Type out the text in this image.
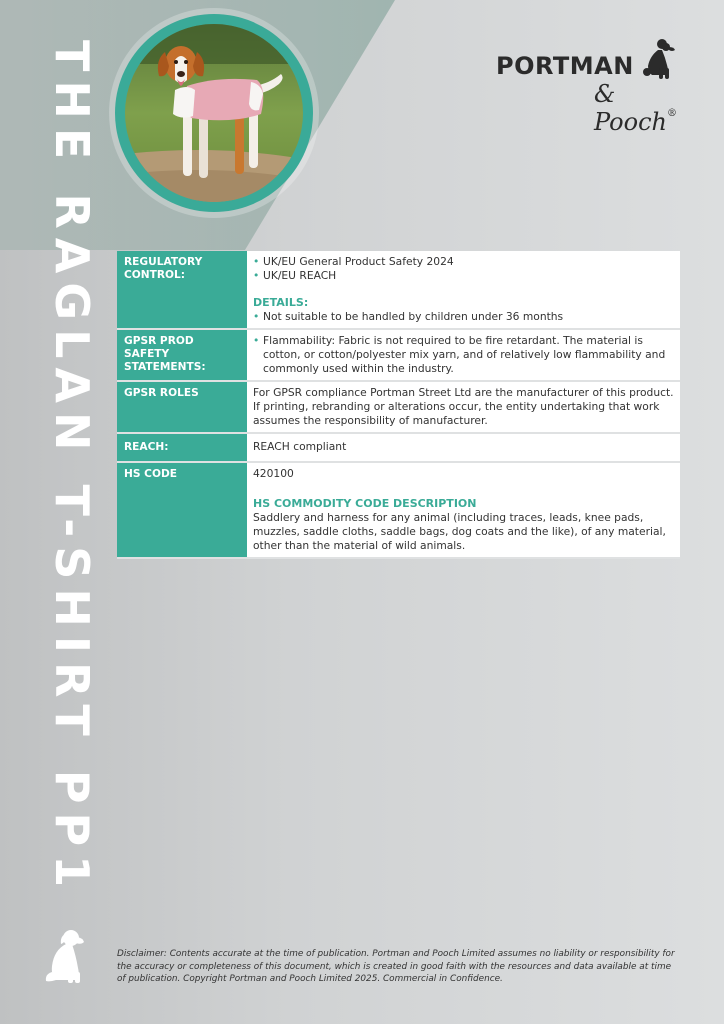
THE RAGLAN T-SHIRT PP1	PORTMAN
& Pooch®
REGULATORY CONTROL:	• UK/EU General Product Safety 2024
• UK/EU REACH
DETAILS:
• Not suitable to be handled by children under 36 months

GPSR PROD SAFETY STATEMENTS:	• Flammability: Fabric is not required to be fire retardant. The material is cotton, or cotton/polyester mix yarn, and of relatively low flammability and commonly used within the industry.

GPSR ROLES	For GPSR compliance Portman Street Ltd are the manufacturer of this product. If printing, rebranding or alterations occur, the entity undertaking that work assumes the responsibility of manufacturer.
REACH:	REACH compliant
HS CODE	420100
HS COMMODITY CODE DESCRIPTION
Saddlery and harness for any animal (including traces, leads, knee pads, muzzles, saddle cloths, saddle bags, dog coats and the like), of any material, other than the material of wild animals.
Disclaimer: Contents accurate at the time of publication. Portman and Pooch Limited assumes no liability or responsibility for the accuracy or completeness of this document, which is created in good faith with the resources and data available at time of publication. Copyright Portman and Pooch Limited 2025. Commercial in Confidence.
